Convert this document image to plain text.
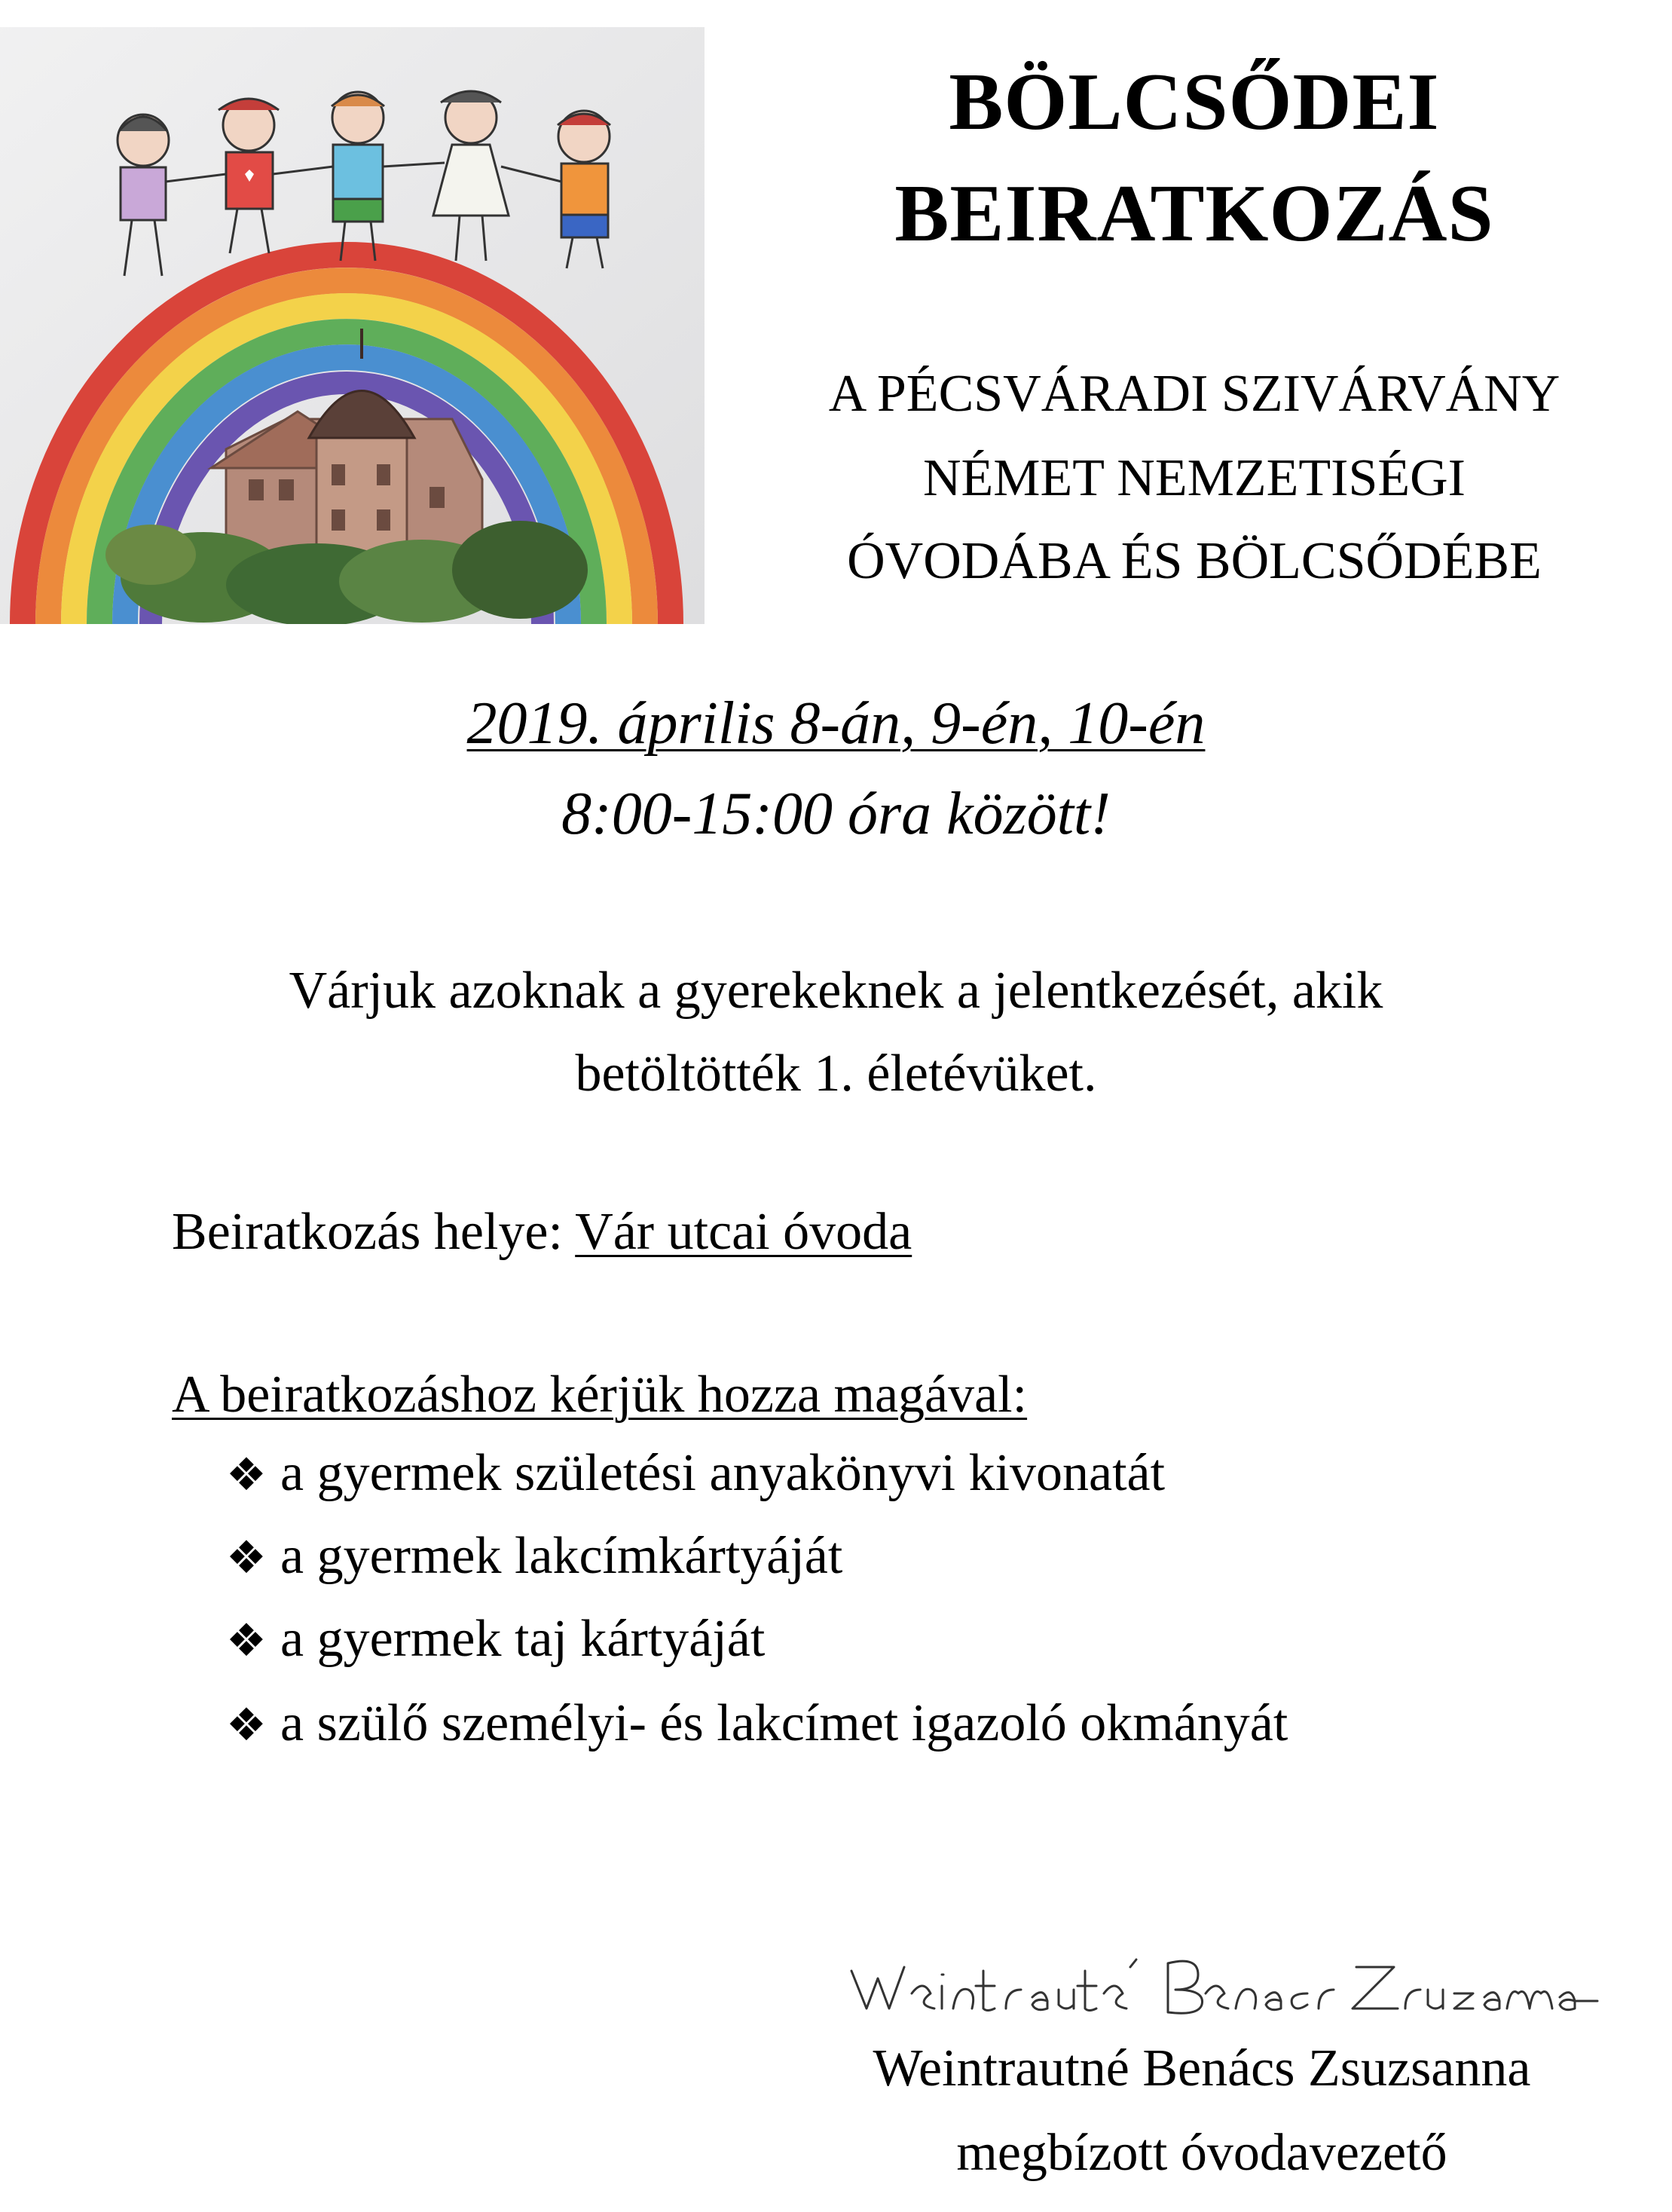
BÖLCSŐDEI
BEIRATKOZÁS
A PÉCSVÁRADI SZIVÁRVÁNY
NÉMET NEMZETISÉGI
ÓVODÁBA ÉS BÖLCSŐDÉBE
2019. április 8-án, 9-én, 10-én
8:00-15:00 óra között!
Várjuk azoknak a gyerekeknek a jelentkezését, akik
betöltötték 1. életévüket.
Beiratkozás helye: Vár utcai óvoda
A beiratkozáshoz kérjük hozza magával:
❖ a gyermek születési anyakönyvi kivonatát
❖ a gyermek lakcímkártyáját
❖ a gyermek taj kártyáját
❖ a szülő személyi- és lakcímet igazoló okmányát
Weintrautné Benács Zsuzsanna
megbízott óvodavezető
